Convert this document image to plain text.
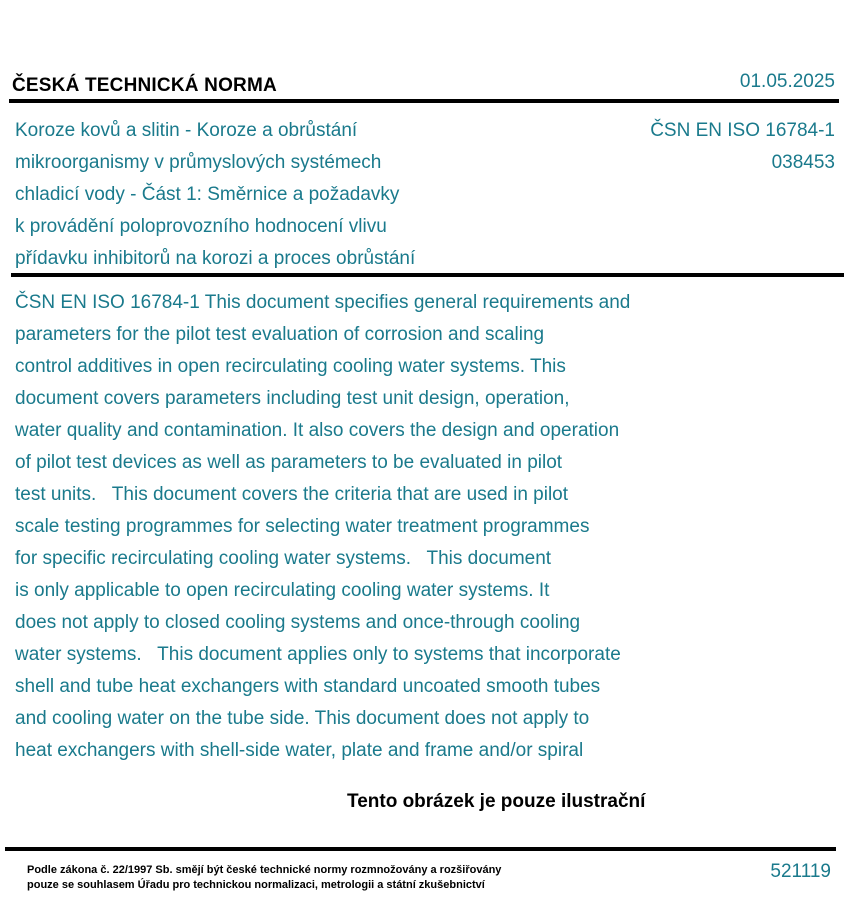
ČESKÁ TECHNICKÁ NORMA	01.05.2025
Koroze kovů a slitin - Koroze a obrůstání
mikroorganismy v průmyslových systémech
chladicí vody - Část 1: Směrnice a požadavky
k provádění poloprovozního hodnocení vlivu
přídavku inhibitorů na korozi a proces obrůstání
ČSN EN ISO 16784-1
038453
ČSN EN ISO 16784-1 This document specifies general requirements and
parameters for the pilot test evaluation of corrosion and scaling
control additives in open recirculating cooling water systems. This
document covers parameters including test unit design, operation,
water quality and contamination. It also covers the design and operation
of pilot test devices as well as parameters to be evaluated in pilot
test units.   This document covers the criteria that are used in pilot
scale testing programmes for selecting water treatment programmes
for specific recirculating cooling water systems.   This document
is only applicable to open recirculating cooling water systems. It
does not apply to closed cooling systems and once-through cooling
water systems.   This document applies only to systems that incorporate
shell and tube heat exchangers with standard uncoated smooth tubes
and cooling water on the tube side. This document does not apply to
heat exchangers with shell-side water, plate and frame and/or spiral
Tento obrázek je pouze ilustrační
Podle zákona č. 22/1997 Sb. smějí být české technické normy rozmnožovány a rozšiřovány
pouze se souhlasem Úřadu pro technickou normalizaci, metrologii a státní zkušebnictví
521119
